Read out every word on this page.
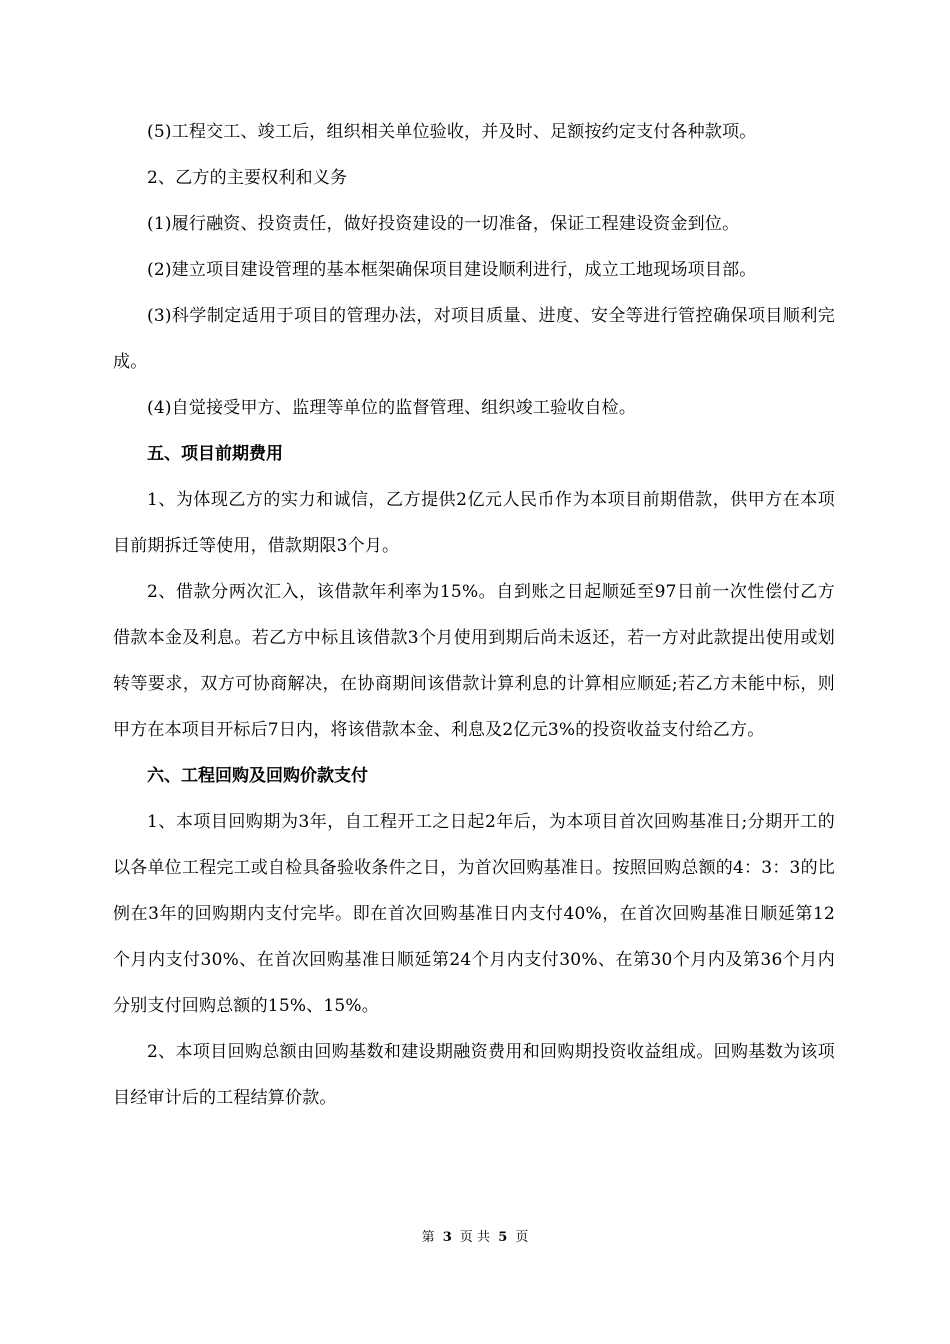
(5)工程交工、竣工后，组织相关单位验收，并及时、足额按约定支付各种款项。

2、乙方的主要权利和义务

(1)履行融资、投资责任，做好投资建设的一切准备，保证工程建设资金到位。

(2)建立项目建设管理的基本框架确保项目建设顺利进行，成立工地现场项目部。

(3)科学制定适用于项目的管理办法，对项目质量、进度、安全等进行管控确保项目顺利完成。

(4)自觉接受甲方、监理等单位的监督管理、组织竣工验收自检。

五、项目前期费用

1、为体现乙方的实力和诚信，乙方提供2亿元人民币作为本项目前期借款，供甲方在本项目前期拆迁等使用，借款期限3个月。

2、借款分两次汇入，该借款年利率为15%。自到账之日起顺延至97日前一次性偿付乙方借款本金及利息。若乙方中标且该借款3个月使用到期后尚未返还，若一方对此款提出使用或划转等要求，双方可协商解决，在协商期间该借款计算利息的计算相应顺延;若乙方未能中标，则甲方在本项目开标后7日内，将该借款本金、利息及2亿元3%的投资收益支付给乙方。

六、工程回购及回购价款支付

1、本项目回购期为3年，自工程开工之日起2年后，为本项目首次回购基准日;分期开工的以各单位工程完工或自检具备验收条件之日，为首次回购基准日。按照回购总额的4：3：3的比例在3年的回购期内支付完毕。即在首次回购基准日内支付40%，在首次回购基准日顺延第12个月内支付30%、在首次回购基准日顺延第24个月内支付30%、在第30个月内及第36个月内分别支付回购总额的15%、15%。

2、本项目回购总额由回购基数和建设期融资费用和回购期投资收益组成。回购基数为该项目经审计后的工程结算价款。

第 3 页 共 5 页
